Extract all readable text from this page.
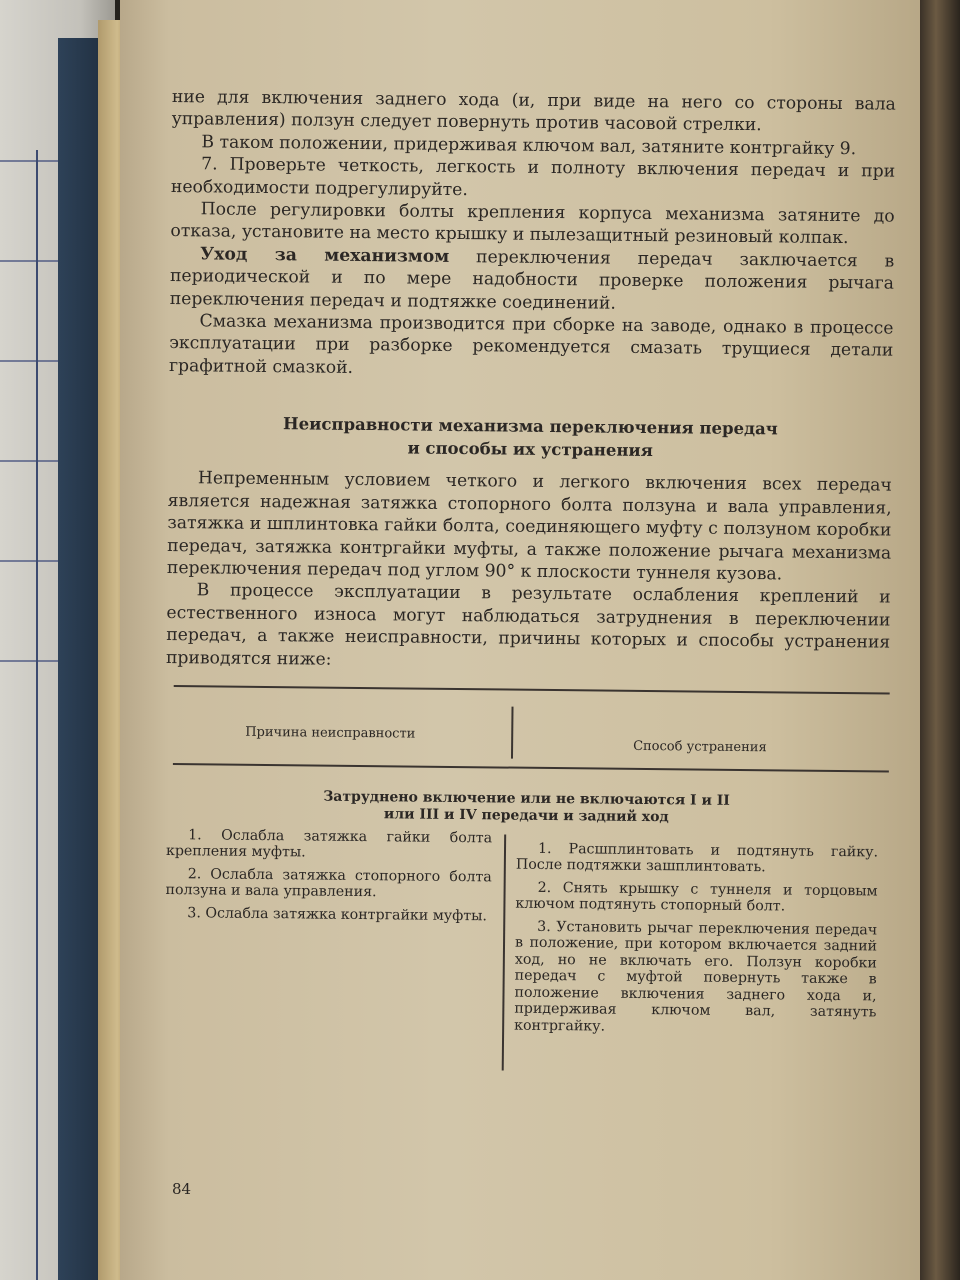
ние для включения заднего хода (и, при виде на него со стороны вала управления) ползун следует повернуть против часовой стрелки.

В таком положении, придерживая ключом вал, затяните контргайку 9.

7. Проверьте четкость, легкость и полноту включения передач и при необходимости подрегулируйте.

После регулировки болты крепления корпуса механизма затяните до отказа, установите на место крышку и пылезащитный резиновый колпак.

Уход за механизмом переключения передач заключается в периодической и по мере надобности проверке положения рычага переключения передач и подтяжке соединений.

Смазка механизма производится при сборке на заводе, однако в процессе эксплуатации при разборке рекомендуется смазать трущиеся детали графитной смазкой.

Неисправности механизма переключения передач
и способы их устранения

Непременным условием четкого и легкого включения всех передач является надежная затяжка стопорного болта ползуна и вала управления, затяжка и шплинтовка гайки болта, соединяющего муфту с ползуном коробки передач, затяжка контргайки муфты, а также положение рычага механизма переключения передач под углом 90° к плоскости туннеля кузова.

В процессе эксплуатации в результате ослабления креплений и естественного износа могут наблюдаться затруднения в переключении передач, а также неисправности, причины которых и способы устранения приводятся ниже:

Причина неисправности
Способ устранения
Затруднено включение или не включаются I и II
или III и IV передачи и задний ход

1. Ослабла затяжка гайки болта крепления муфты.

2. Ослабла затяжка стопорного болта ползуна и вала управления.

3. Ослабла затяжка контргайки муфты.

1. Расшплинтовать и подтянуть гайку. После подтяжки зашплинтовать.

2. Снять крышку с туннеля и торцовым ключом подтянуть стопорный болт.

3. Установить рычаг переключения передач в положение, при котором включается задний ход, но не включать его. Ползун коробки передач с муфтой повернуть также в положение включения заднего хода и, придерживая ключом вал, затянуть контргайку.

84
